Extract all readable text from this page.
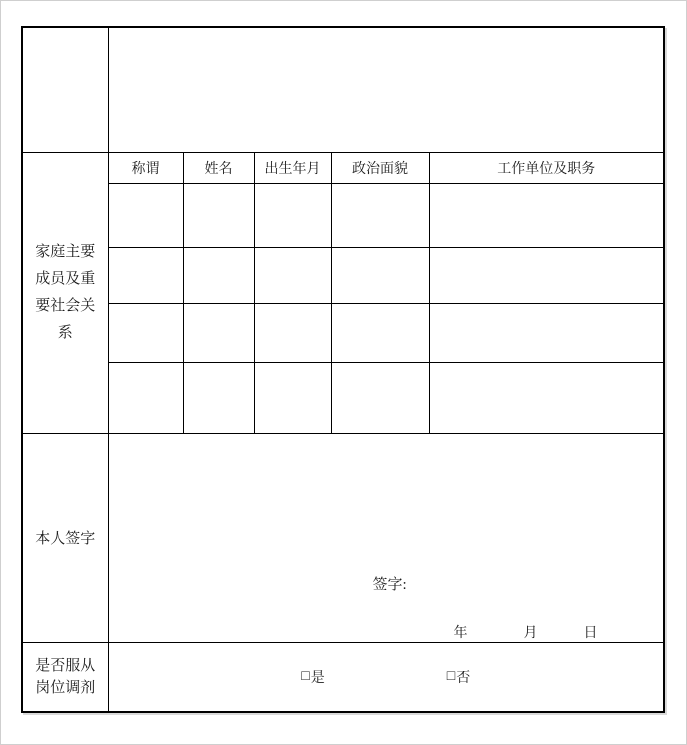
家庭主要成员及重要社会关系	称谓	姓名	出生年月	政治面貌	工作单位及职务

本人签字	签字:
年 月 日				

是否服从岗位调剂	□ 是 □ 否				
